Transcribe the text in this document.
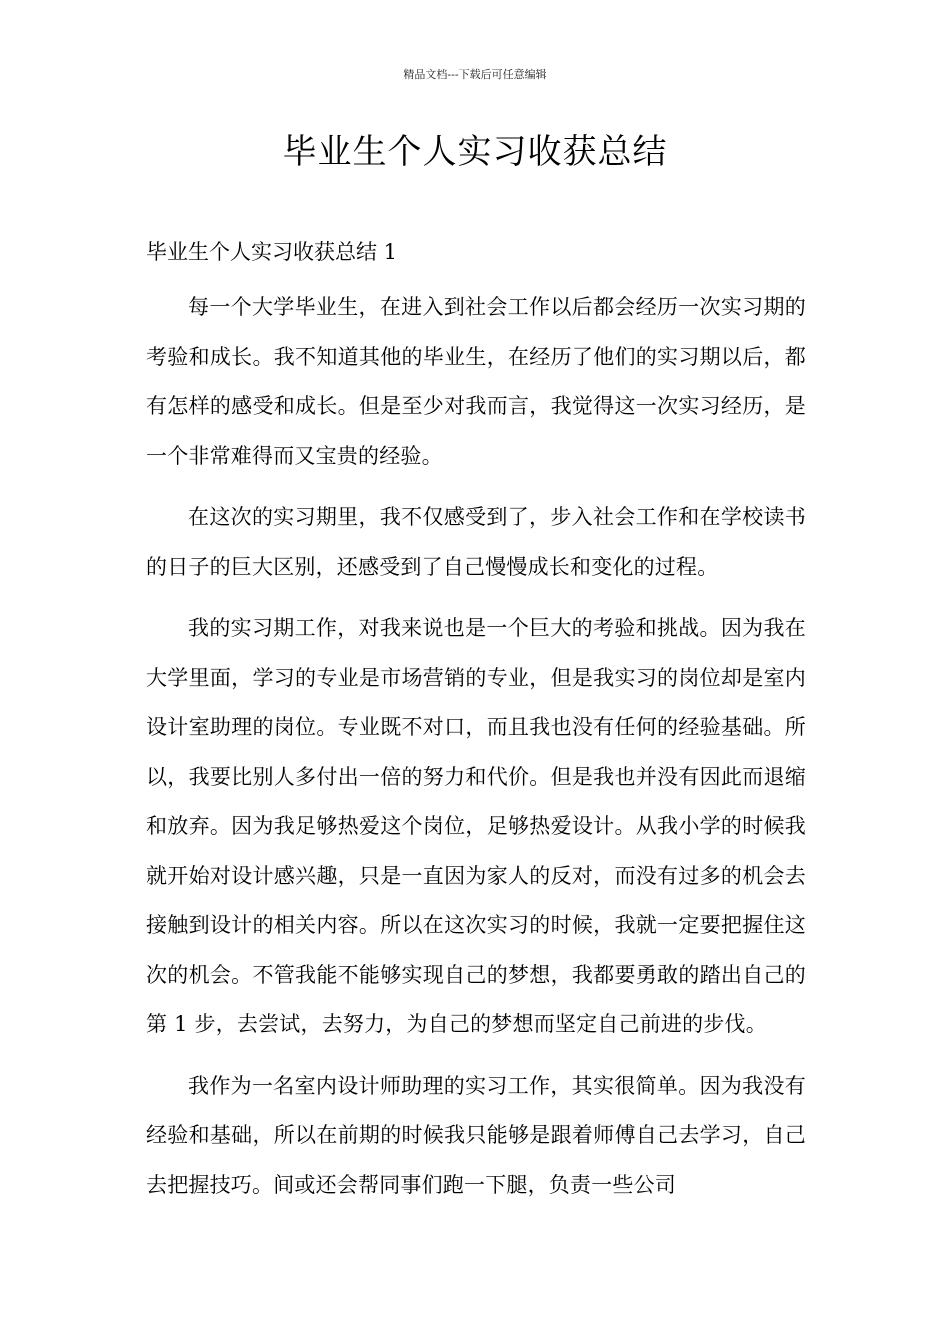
精品文档---下载后可任意编辑
毕业生个人实习收获总结

毕业生个人实习收获总结 1

每一个大学毕业生，在进入到社会工作以后都会经历一次实习期的考验和成长。我不知道其他的毕业生，在经历了他们的实习期以后，都有怎样的感受和成长。但是至少对我而言，我觉得这一次实习经历，是一个非常难得而又宝贵的经验。

在这次的实习期里，我不仅感受到了，步入社会工作和在学校读书的日子的巨大区别，还感受到了自己慢慢成长和变化的过程。

我的实习期工作，对我来说也是一个巨大的考验和挑战。因为我在大学里面，学习的专业是市场营销的专业，但是我实习的岗位却是室内设计室助理的岗位。专业既不对口，而且我也没有任何的经验基础。所以，我要比别人多付出一倍的努力和代价。但是我也并没有因此而退缩和放弃。因为我足够热爱这个岗位，足够热爱设计。从我小学的时候我就开始对设计感兴趣，只是一直因为家人的反对，而没有过多的机会去接触到设计的相关内容。所以在这次实习的时候，我就一定要把握住这次的机会。不管我能不能够实现自己的梦想，我都要勇敢的踏出自己的第 1 步，去尝试，去努力，为自己的梦想而坚定自己前进的步伐。

我作为一名室内设计师助理的实习工作，其实很简单。因为我没有经验和基础，所以在前期的时候我只能够是跟着师傅自己去学习，自己去把握技巧。间或还会帮同事们跑一下腿，负责一些公司
